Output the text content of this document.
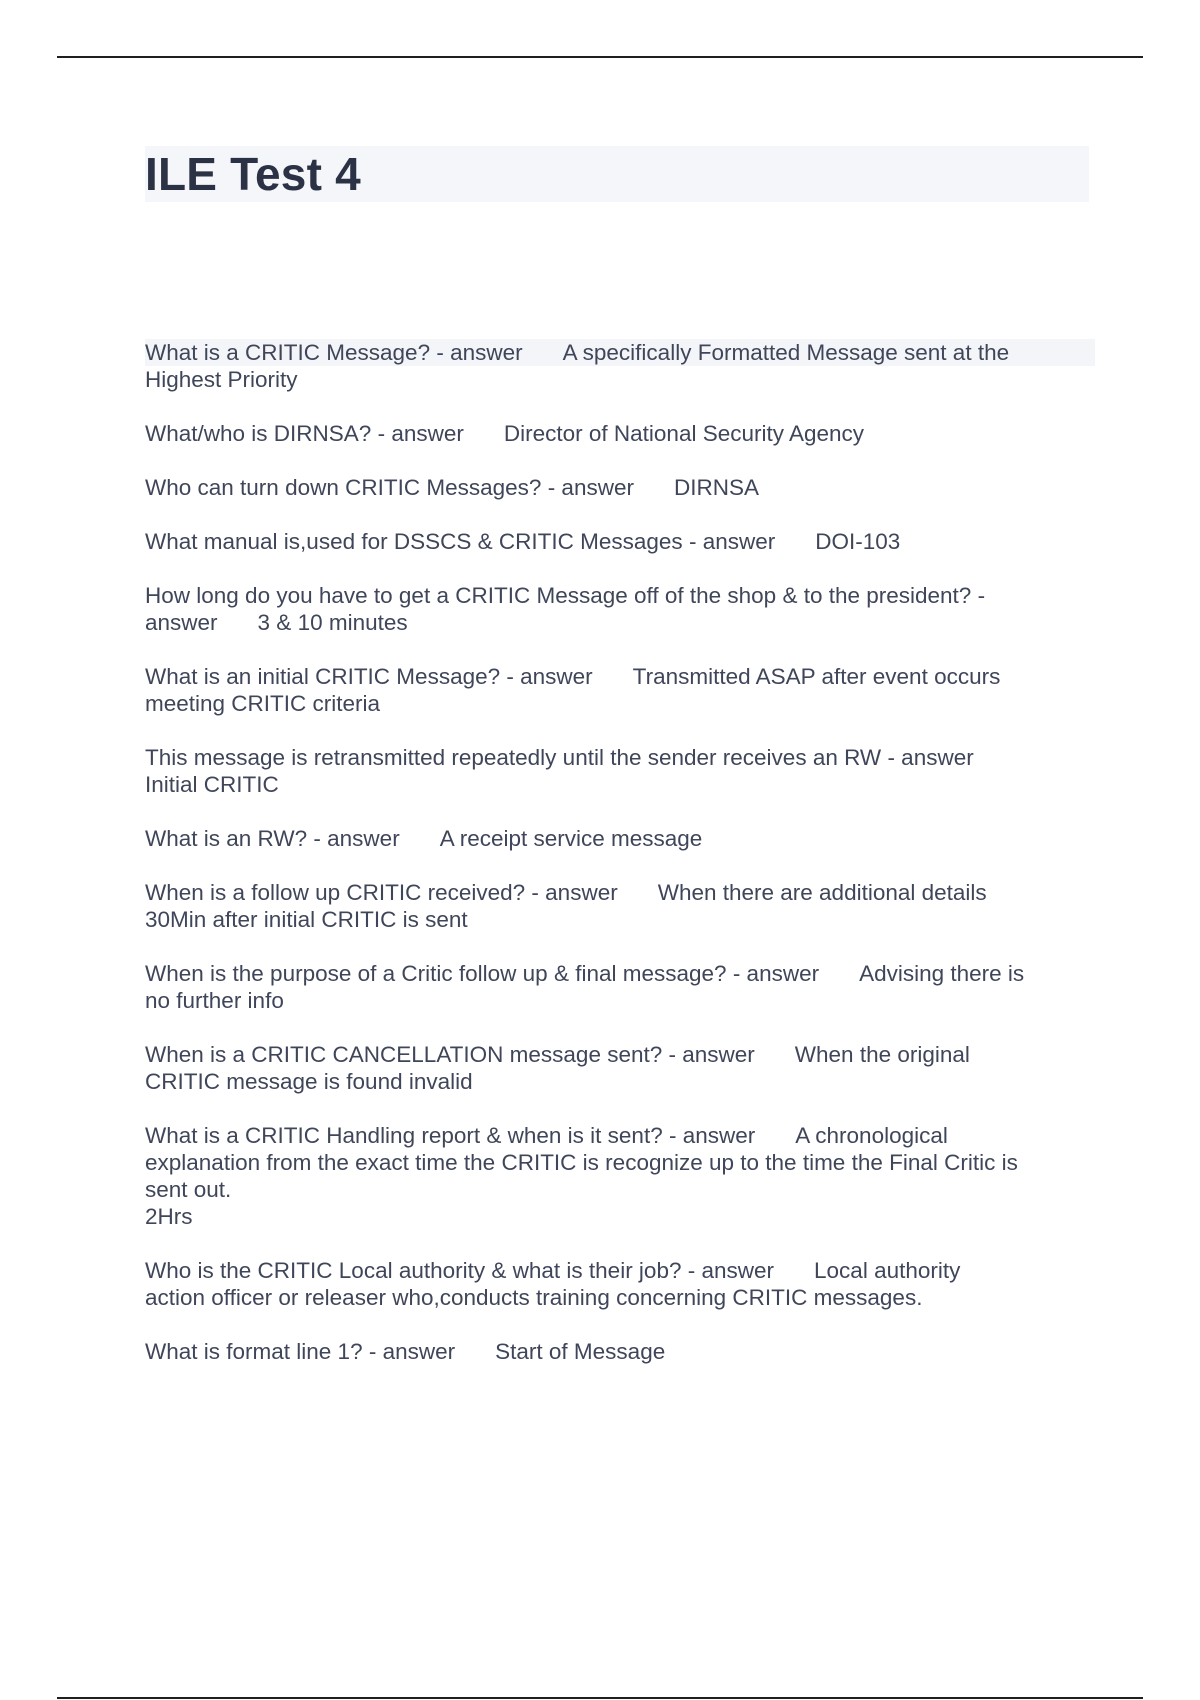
ILE Test 4

What is a CRITIC Message? - answer A specifically Formatted Message sent at the
Highest Priority

What/who is DIRNSA? - answer Director of National Security Agency

Who can turn down CRITIC Messages? - answer DIRNSA

What manual is,used for DSSCS & CRITIC Messages - answer DOI-103

How long do you have to get a CRITIC Message off of the shop & to the president? -
answer 3 & 10 minutes

What is an initial CRITIC Message? - answer Transmitted ASAP after event occurs
meeting CRITIC criteria

This message is retransmitted repeatedly until the sender receives an RW - answer
Initial CRITIC

What is an RW? - answer A receipt service message

When is a follow up CRITIC received? - answer When there are additional details
30Min after initial CRITIC is sent

When is the purpose of a Critic follow up & final message? - answer Advising there is
no further info

When is a CRITIC CANCELLATION message sent? - answer When the original
CRITIC message is found invalid

What is a CRITIC Handling report & when is it sent? - answer A chronological
explanation from the exact time the CRITIC is recognize up to the time the Final Critic is
sent out.
2Hrs

Who is the CRITIC Local authority & what is their job? - answer Local authority
action officer or releaser who,conducts training concerning CRITIC messages.

What is format line 1? - answer Start of Message
